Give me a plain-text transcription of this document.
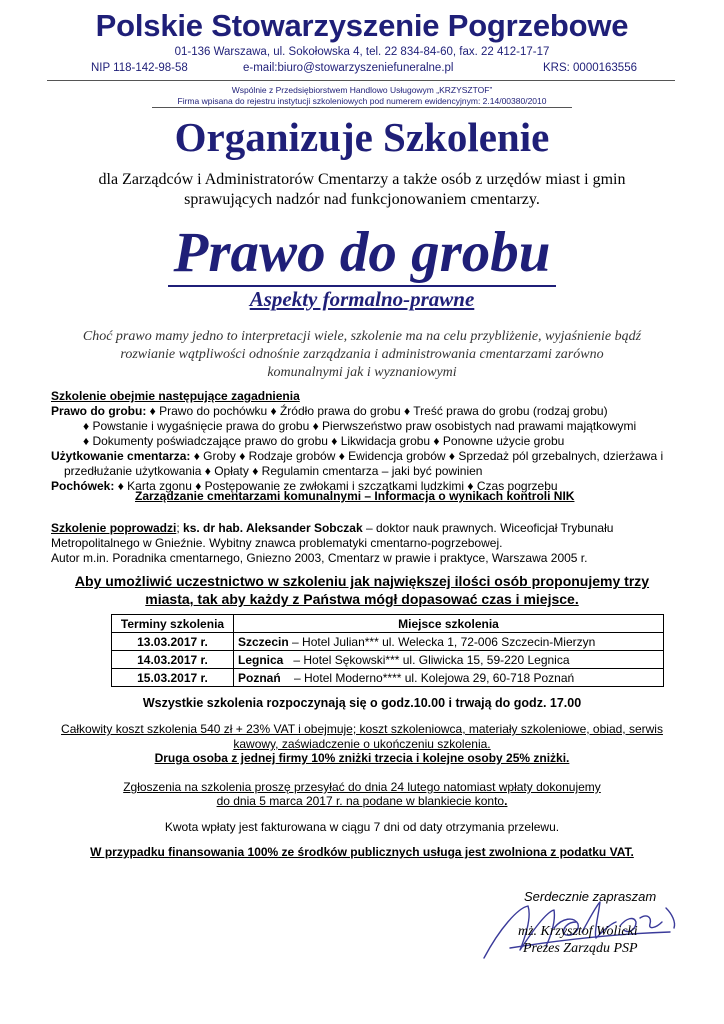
Polskie Stowarzyszenie Pogrzebowe
01-136 Warszawa, ul. Sokołowska 4, tel. 22 834-84-60, fax. 22 412-17-17
NIP 118-142-98-58	e-mail:biuro@stowarzyszeniefuneralne.pl	KRS: 0000163556
Wspólnie z Przedsiębiorstwem Handlowo Usługowym „KRZYSZTOF”
Firma wpisana do rejestru instytucji szkoleniowych pod numerem ewidencyjnym: 2.14/00380/2010
Organizuje Szkolenie
dla Zarządców i Administratorów Cmentarzy a także osób z urzędów miast i gmin
sprawujących nadzór nad funkcjonowaniem cmentarzy.
Prawo do grobu
Aspekty formalno-prawne
Choć prawo mamy jedno to interpretacji wiele, szkolenie ma na celu przybliżenie, wyjaśnienie bądź
rozwianie wątpliwości odnośnie zarządzania i administrowania cmentarzami zarówno
komunalnymi jak i wyznaniowymi
Szkolenie obejmie następujące zagadnienia
Prawo do grobu: ♦ Prawo do pochówku ♦ Źródło prawa do grobu ♦ Treść prawa do grobu (rodzaj grobu)
♦ Powstanie i wygaśnięcie prawa do grobu ♦ Pierwszeństwo praw osobistych nad prawami majątkowymi
♦ Dokumenty poświadczające prawo do grobu ♦ Likwidacja grobu ♦ Ponowne użycie grobu
Użytkowanie cmentarza: ♦ Groby ♦ Rodzaje grobów ♦ Ewidencja grobów ♦ Sprzedaż pól grzebalnych, dzierżawa i
przedłużanie użytkowania ♦ Opłaty ♦ Regulamin cmentarza – jaki być powinien
Pochówek: ♦ Karta zgonu ♦ Postępowanie ze zwłokami i szczątkami ludzkimi ♦ Czas pogrzebu
Zarządzanie cmentarzami komunalnymi – Informacja o wynikach kontroli NIK
Szkolenie poprowadzi; ks. dr hab. Aleksander Sobczak – doktor nauk prawnych. Wiceoficjał Trybunału
Metropolitalnego w Gnieźnie. Wybitny znawca problematyki cmentarno-pogrzebowej.
Autor m.in. Poradnika cmentarnego, Gniezno 2003, Cmentarz w prawie i praktyce, Warszawa 2005 r.
Aby umożliwić uczestnictwo w szkoleniu jak największej ilości osób proponujemy trzy
miasta, tak aby każdy z Państwa mógł dopasować czas i miejsce.
Terminy szkolenia	Miejsce szkolenia
13.03.2017 r.	Szczecin – Hotel Julian*** ul. Welecka 1, 72-006 Szczecin-Mierzyn
14.03.2017 r.	Legnica   – Hotel Sękowski*** ul. Gliwicka 15, 59-220 Legnica
15.03.2017 r.	Poznań    – Hotel Moderno**** ul. Kolejowa 29, 60-718 Poznań
Wszystkie szkolenia rozpoczynają się o godz.10.00 i trwają do godz. 17.00
Całkowity koszt szkolenia 540 zł + 23% VAT i obejmuje; koszt szkoleniowca, materiały szkoleniowe, obiad, serwis
kawowy, zaświadczenie o ukończeniu szkolenia.
Druga osoba z jednej firmy 10% zniżki trzecia i kolejne osoby 25% zniżki.
Zgłoszenia na szkolenia proszę przesyłać do dnia 24 lutego natomiast wpłaty dokonujemy
do dnia 5 marca 2017 r. na podane w blankiecie konto.
Kwota wpłaty jest fakturowana w ciągu 7 dni od daty otrzymania przelewu.
W przypadku finansowania 100% ze środków publicznych usługa jest zwolniona z podatku VAT.
Serdecznie zapraszam
mż. Krzysztof Wolicki
Prezes Zarządu PSP
